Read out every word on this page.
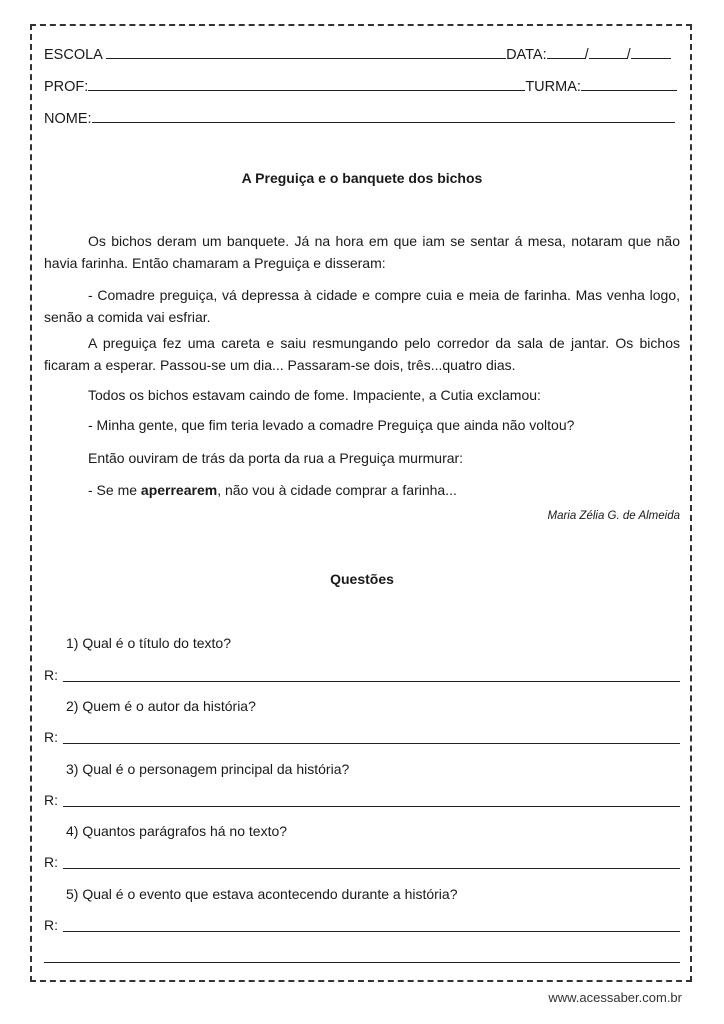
ESCOLA	DATA:	/	/
PROF:	TURMA:
NOME:
A Preguiça e o banquete dos bichos

Os bichos deram um banquete. Já na hora em que iam se sentar á mesa, notaram que não havia farinha. Então chamaram a Preguiça e disseram:

- Comadre preguiça, vá depressa à cidade e compre cuia e meia de farinha. Mas venha logo, senão a comida vai esfriar.

A preguiça fez uma careta e saiu resmungando pelo corredor da sala de jantar. Os bichos ficaram a esperar. Passou-se um dia... Passaram-se dois, três...quatro dias.

Todos os bichos estavam caindo de fome. Impaciente, a Cutia exclamou:

- Minha gente, que fim teria levado a comadre Preguiça que ainda não voltou?

Então ouviram de trás da porta da rua a Preguiça murmurar:

- Se me aperrearem, não vou à cidade comprar a farinha...

Maria Zélia G. de Almeida
Questões
1) Qual é o título do texto?
R:
2) Quem é o autor da história?
R:
3) Qual é o personagem principal da história?
R:
4) Quantos parágrafos há no texto?
R:
5) Qual é o evento que estava acontecendo durante a história?
R:
www.acessaber.com.br
